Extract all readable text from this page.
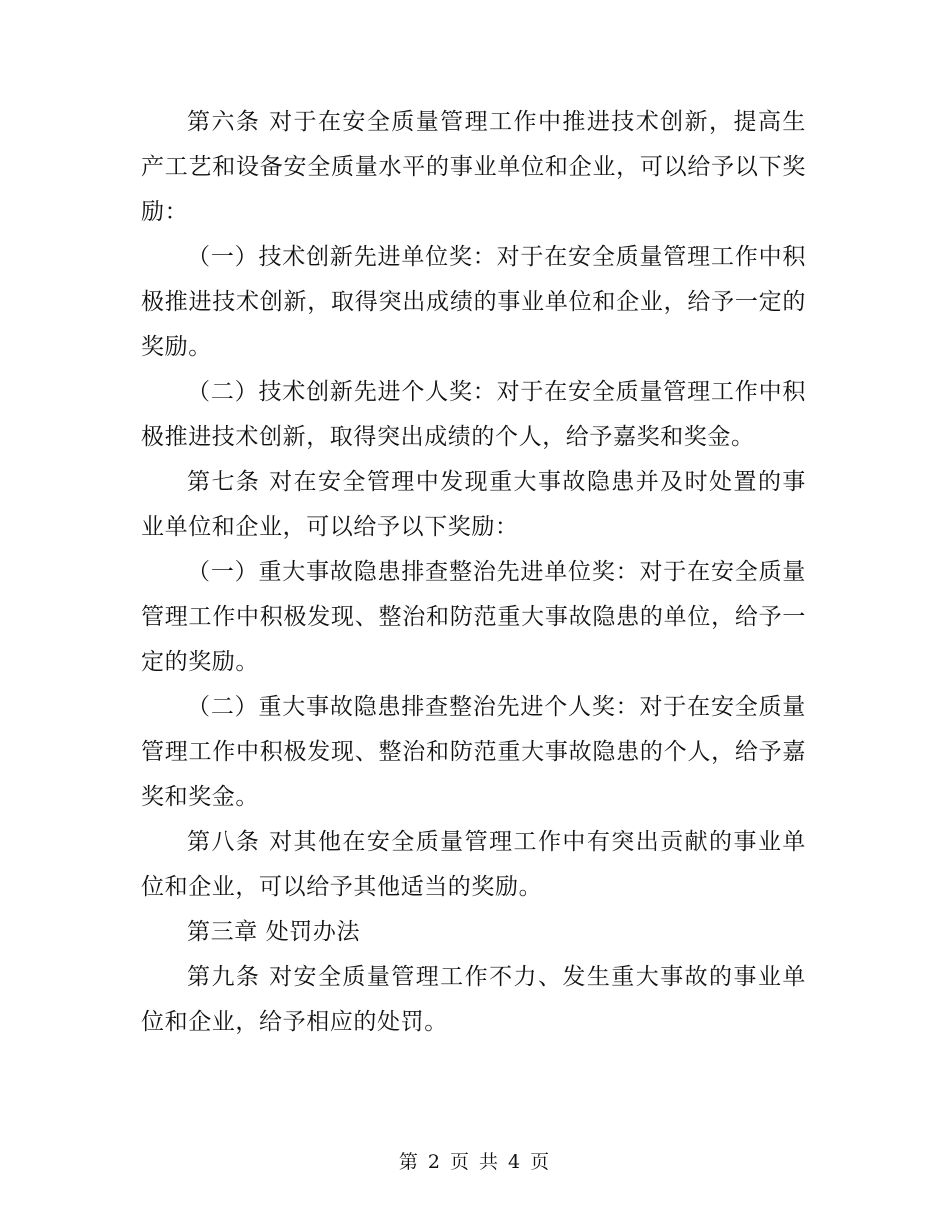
第六条 对于在安全质量管理工作中推进技术创新，提高生产工艺和设备安全质量水平的事业单位和企业，可以给予以下奖励：

（一）技术创新先进单位奖：对于在安全质量管理工作中积极推进技术创新，取得突出成绩的事业单位和企业，给予一定的奖励。

（二）技术创新先进个人奖：对于在安全质量管理工作中积极推进技术创新，取得突出成绩的个人，给予嘉奖和奖金。

第七条 对在安全管理中发现重大事故隐患并及时处置的事业单位和企业，可以给予以下奖励：

（一）重大事故隐患排查整治先进单位奖：对于在安全质量管理工作中积极发现、整治和防范重大事故隐患的单位，给予一定的奖励。

（二）重大事故隐患排查整治先进个人奖：对于在安全质量管理工作中积极发现、整治和防范重大事故隐患的个人，给予嘉奖和奖金。

第八条 对其他在安全质量管理工作中有突出贡献的事业单位和企业，可以给予其他适当的奖励。

第三章 处罚办法

第九条 对安全质量管理工作不力、发生重大事故的事业单位和企业，给予相应的处罚。

第 2 页 共 4 页
